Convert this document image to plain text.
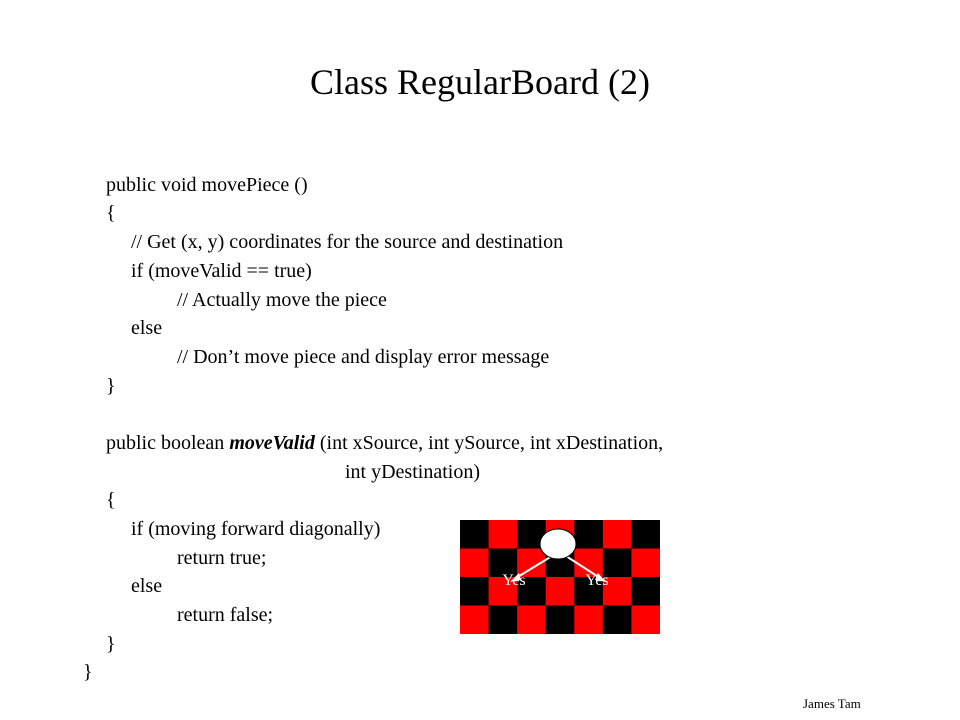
Class RegularBoard (2)
public void movePiece ()
{
// Get (x, y) coordinates for the source and destination
if (moveValid == true)
// Actually move the piece
else
// Don’t move piece and display error message
}
public boolean moveValid (int xSource, int ySource, int xDestination,
int yDestination)
{
if (moving forward diagonally)
return true;
else
return false;
}
}
Yes	Yes
James Tam
